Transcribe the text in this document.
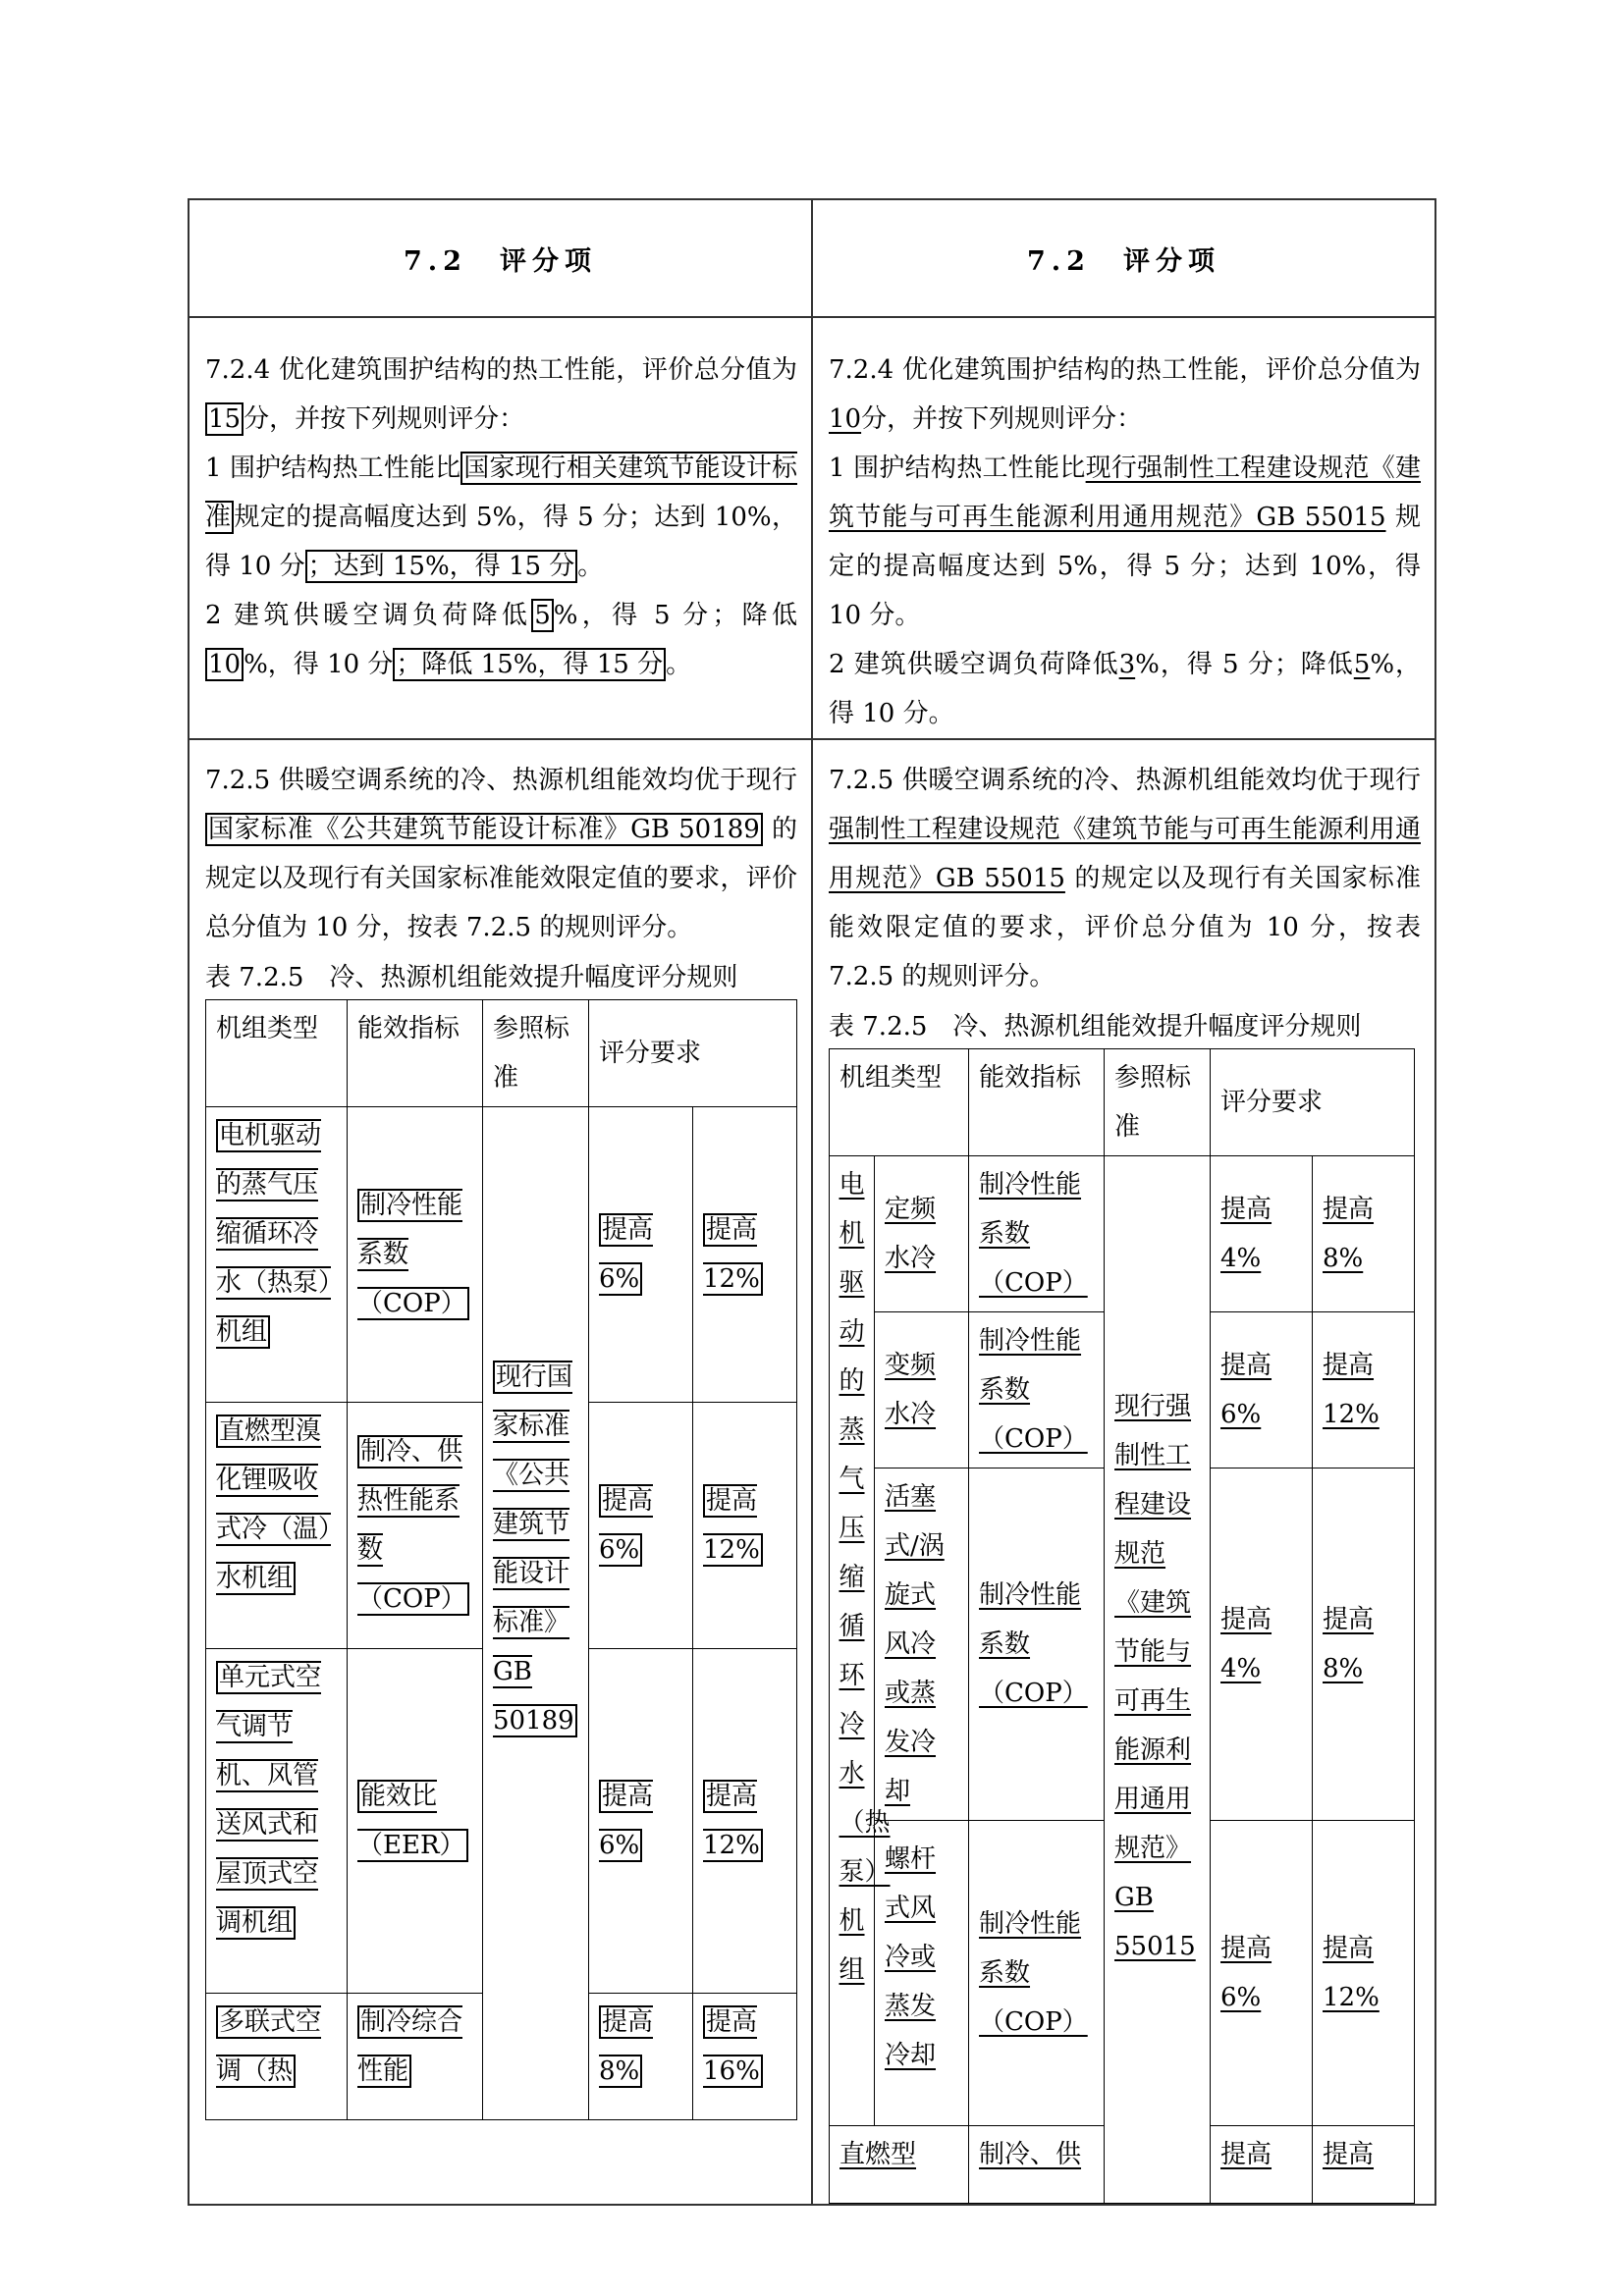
7.2　评分项	7.2　评分项

7.2.4 优化建筑围护结构的热工性能，评价总分值为15 分，并按下列规则评分：
1 围护结构热工性能比 国家现行相关建筑节能设计标准 规定的提高幅度达到 5%，得 5 分；达到 10%，得 10 分 ；达到 15%，得 15 分 。
2 建筑供暖空调负荷降低 5 %，得 5 分；降低10 %，得 10 分 ；降低 15%，得 15 分 。

7.2.4 优化建筑围护结构的热工性能，评价总分值为10分，并按下列规则评分：
1 围护结构热工性能比现行强制性工程建设规范《建筑节能与可再生能源利用通用规范》GB 55015 规定的提高幅度达到 5%，得 5 分；达到 10%，得 10 分。
2 建筑供暖空调负荷降低3%，得 5 分；降低5%，得 10 分。

7.2.5 供暖空调系统的冷、热源机组能效均优于现行国家标准《公共建筑节能设计标准》GB 50189 的规定以及现行有关国家标准能效限定值的要求，评价总分值为 10 分，按表 7.2.5 的规则评分。
表 7.2.5　冷、热源机组能效提升幅度评分规则
机组类型	能效指标	参照标准	评分要求
电机驱动的蒸气压缩循环冷水（热泵）机组	制冷性能系数（COP）	现行国家标准《公共建筑节能设计标准》GB 50189	提高 6%	提高 12%
直燃型溴化锂吸收式冷（温）水机组	制冷、供热性能系数（COP）	提高 6%	提高 12%
单元式空气调节机、风管送风式和屋顶式空调机组	能效比（EER）	提高 6%	提高 12%
多联式空调（热	制冷综合性能	提高 8%	提高 16%

7.2.5 供暖空调系统的冷、热源机组能效均优于现行强制性工程建设规范《建筑节能与可再生能源利用通用规范》GB 55015 的规定以及现行有关国家标准能效限定值的要求，评价总分值为 10 分，按表 7.2.5 的规则评分。
表 7.2.5　冷、热源机组能效提升幅度评分规则
机组类型	能效指标	参照标准	评分要求

电机驱动的蒸气压缩循环冷水（热泵）机组
	定频水冷	制冷性能系数（COP）	现行强制性工程建设规范《建筑节能与可再生能源利用通用规范》GB 55015	提高 4%	提高 8%
变频水冷	制冷性能系数（COP）	提高 6%	提高 12%
活塞式/涡旋式风冷或蒸发冷却	制冷性能系数（COP）	提高 4%	提高 8%
螺杆式风冷或蒸发冷却	制冷性能系数（COP）	提高 6%	提高 12%
直燃型	制冷、供	提高	提高
